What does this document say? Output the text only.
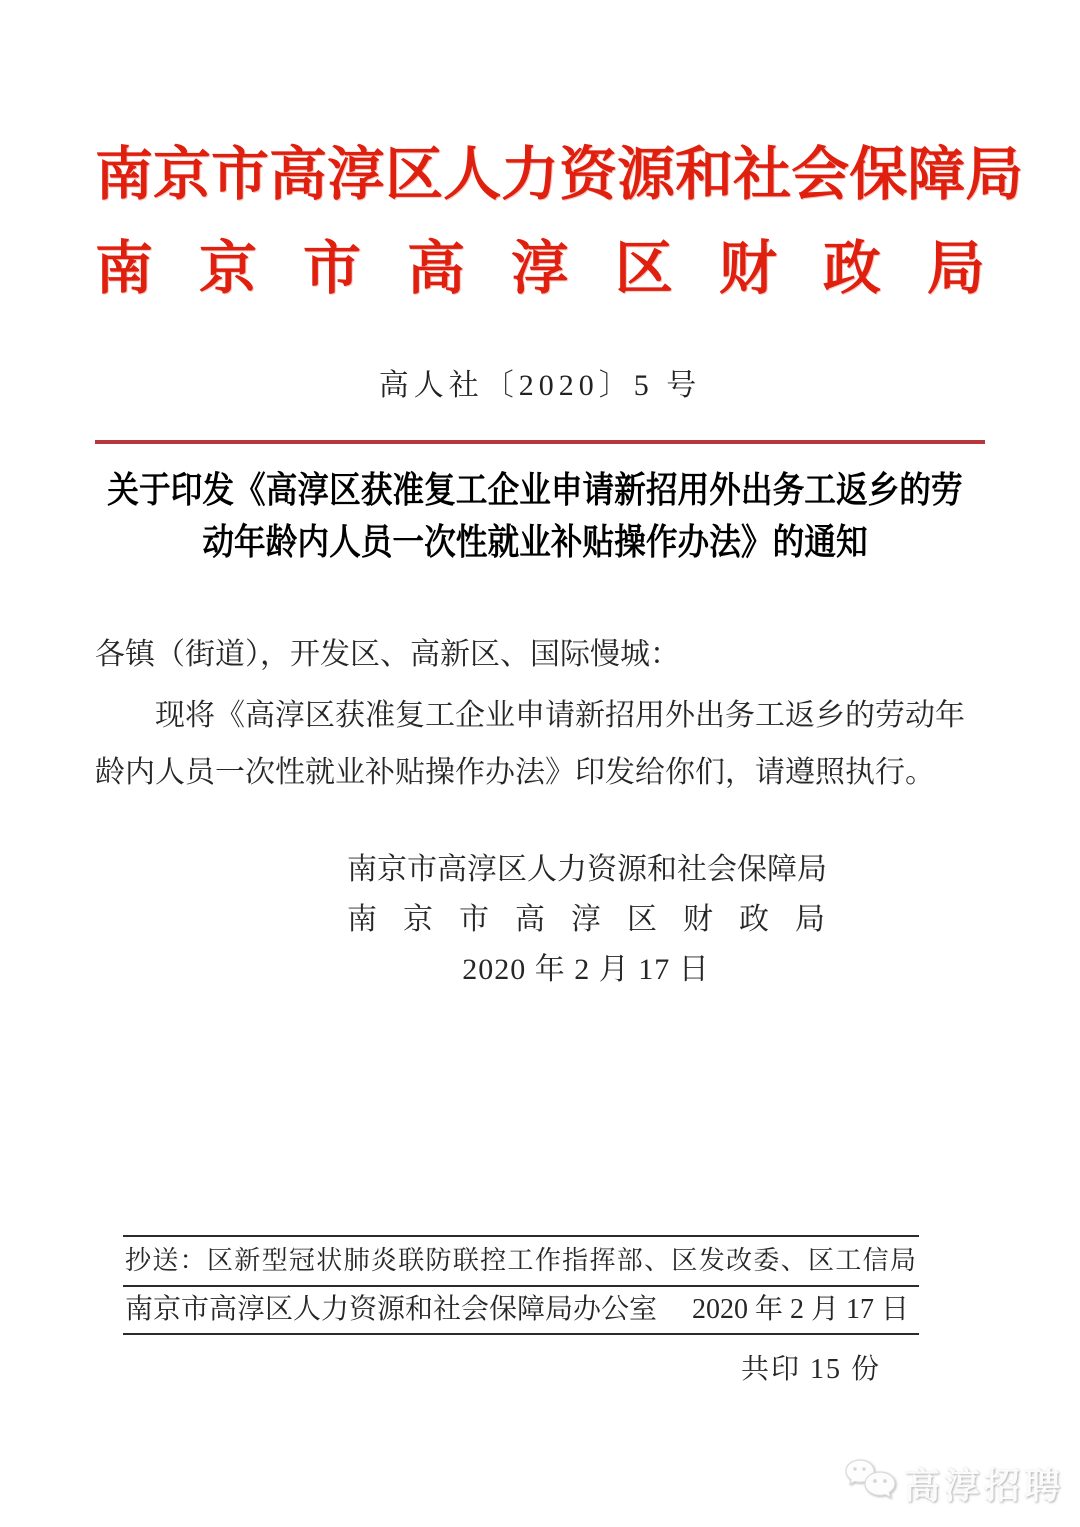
南 京 市 高 淳 区 人 力 资 源 和 社 会 保 障 局
南 京 市 高 淳 区 财 政 局
高人社〔2020〕5 号
关于印发《高淳区获准复工企业申请新招用外出务工返乡的劳动年龄内人员一次性就业补贴操作办法》的通知
各镇（街道），开发区、高新区、国际慢城：
现将《高淳区获准复工企业申请新招用外出务工返乡的劳动年龄内人员一次性就业补贴操作办法》印发给你们，请遵照执行。
南 京 市 高 淳 区 人 力 资 源 和 社 会 保 障 局
南 京 市 高 淳 区 财 政 局
2020 年 2 月 17 日
抄送：区新型冠状肺炎联防联控工作指挥部、区发改委、区工信局
南京市高淳区人力资源和社会保障局办公室 2020 年 2 月 17 日
共印 15 份
高淳招聘
